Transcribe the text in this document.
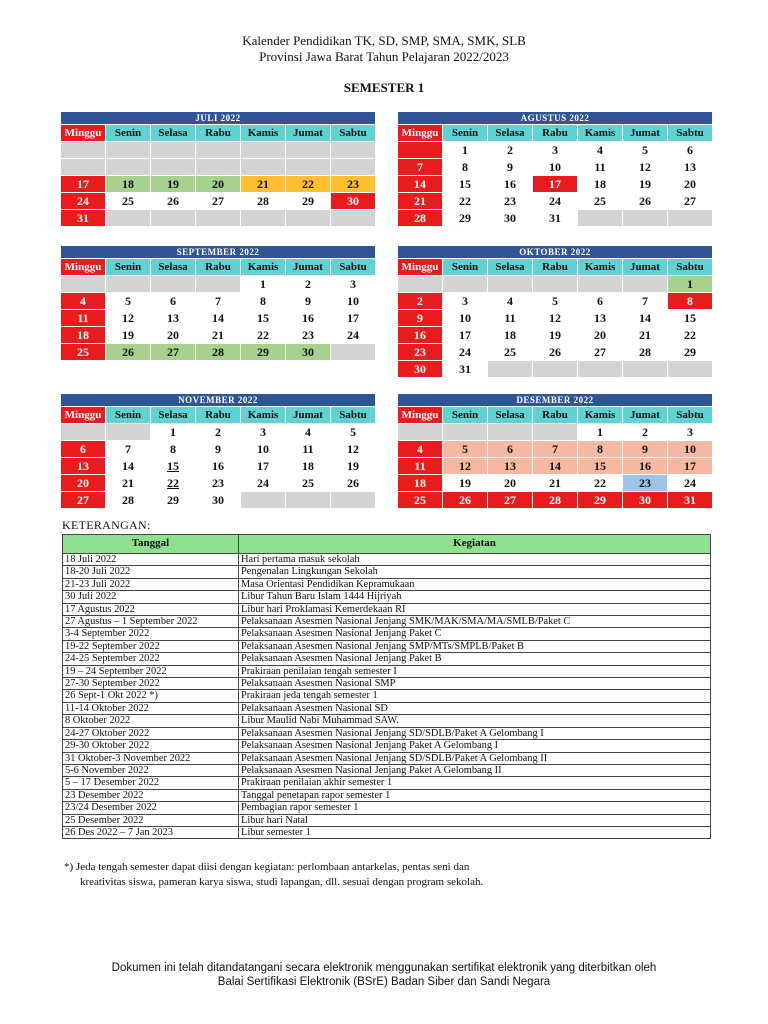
Kalender Pendidikan TK, SD, SMP, SMA, SMK, SLB
Provinsi Jawa Barat Tahun Pelajaran 2022/2023
SEMESTER 1
JULI 2022						
Minggu	Senin	Selasa	Rabu	Kamis	Jumat	Sabtu

17	18	19	20	21	22	23
24	25	26	27	28	29	30
31						
AGUSTUS 2022						
Minggu	Senin	Selasa	Rabu	Kamis	Jumat	Sabtu
	1	2	3	4	5	6
7	8	9	10	11	12	13
14	15	16	17	18	19	20
21	22	23	24	25	26	27
28	29	30	31			
SEPTEMBER 2022						
Minggu	Senin	Selasa	Rabu	Kamis	Jumat	Sabtu
				1	2	3
4	5	6	7	8	9	10
11	12	13	14	15	16	17
18	19	20	21	22	23	24
25	26	27	28	29	30	
OKTOBER 2022						
Minggu	Senin	Selasa	Rabu	Kamis	Jumat	Sabtu
						1
2	3	4	5	6	7	8
9	10	11	12	13	14	15
16	17	18	19	20	21	22
23	24	25	26	27	28	29
30	31					
NOVEMBER 2022						
Minggu	Senin	Selasa	Rabu	Kamis	Jumat	Sabtu
		1	2	3	4	5
6	7	8	9	10	11	12
13	14	15	16	17	18	19
20	21	22	23	24	25	26
27	28	29	30			
DESEMBER 2022						
Minggu	Senin	Selasa	Rabu	Kamis	Jumat	Sabtu
				1	2	3
4	5	6	7	8	9	10
11	12	13	14	15	16	17
18	19	20	21	22	23	24
25	26	27	28	29	30	31
KETERANGAN:
Tanggal	Kegiatan
18 Juli 2022	Hari pertama masuk sekolah
18-20 Juli 2022	Pengenalan Lingkungan Sekolah
21-23 Juli 2022	Masa Orientasi Pendidikan Kepramukaan
30 Juli 2022	Libur Tahun Baru Islam 1444 Hijriyah
17 Agustus 2022	Libur hari Proklamasi Kemerdekaan RI
27 Agustus – 1 September 2022	Pelaksanaan Asesmen Nasional Jenjang SMK/MAK/SMA/MA/SMLB/Paket C
3-4 September 2022	Pelaksanaan Asesmen Nasional Jenjang Paket C
19-22 September 2022	Pelaksanaan Asesmen Nasional Jenjang SMP/MTs/SMPLB/Paket B
24-25 September 2022	Pelaksanaan Asesmen Nasional Jenjang Paket B
19 – 24 September 2022	Prakiraan penilaian tengah semester I
27-30 September 2022	Pelaksanaan Asesmen Nasional SMP
26 Sept-1 Okt 2022 *)	Prakiraan jeda tengah semester 1
11-14 Oktober 2022	Pelaksanaan Asesmen Nasional SD
8 Oktober 2022	Libur Maulid Nabi Muhammad SAW.
24-27 Oktober 2022	Pelaksanaan Asesmen Nasional Jenjang SD/SDLB/Paket A Gelombang I
29-30 Oktober 2022	Pelaksanaan Asesmen Nasional Jenjang Paket A Gelombang I
31 Oktober-3 November 2022	Pelaksanaan Asesmen Nasional Jenjang SD/SDLB/Paket A Gelombang II
5-6 November 2022	Pelaksanaan Asesmen Nasional Jenjang Paket A Gelombang II
5 – 17 Desember 2022	Prakiraan penilaian akhir semester 1
23 Desember 2022	Tanggal penetapan rapor semester 1
23/24 Desember 2022	Pembagian rapor semester 1
25 Desember 2022	Libur hari Natal
26 Des 2022 – 7 Jan 2023	Libur semester 1
*) Jeda tengah semester dapat diisi dengan kegiatan: perlombaan antarkelas, pentas seni dan
kreativitas siswa, pameran karya siswa, studi lapangan, dll. sesuai dengan program sekolah.
Dokumen ini telah ditandatangani secara elektronik menggunakan sertifikat elektronik yang diterbitkan oleh
Balai Sertifikasi Elektronik (BSrE) Badan Siber dan Sandi Negara
